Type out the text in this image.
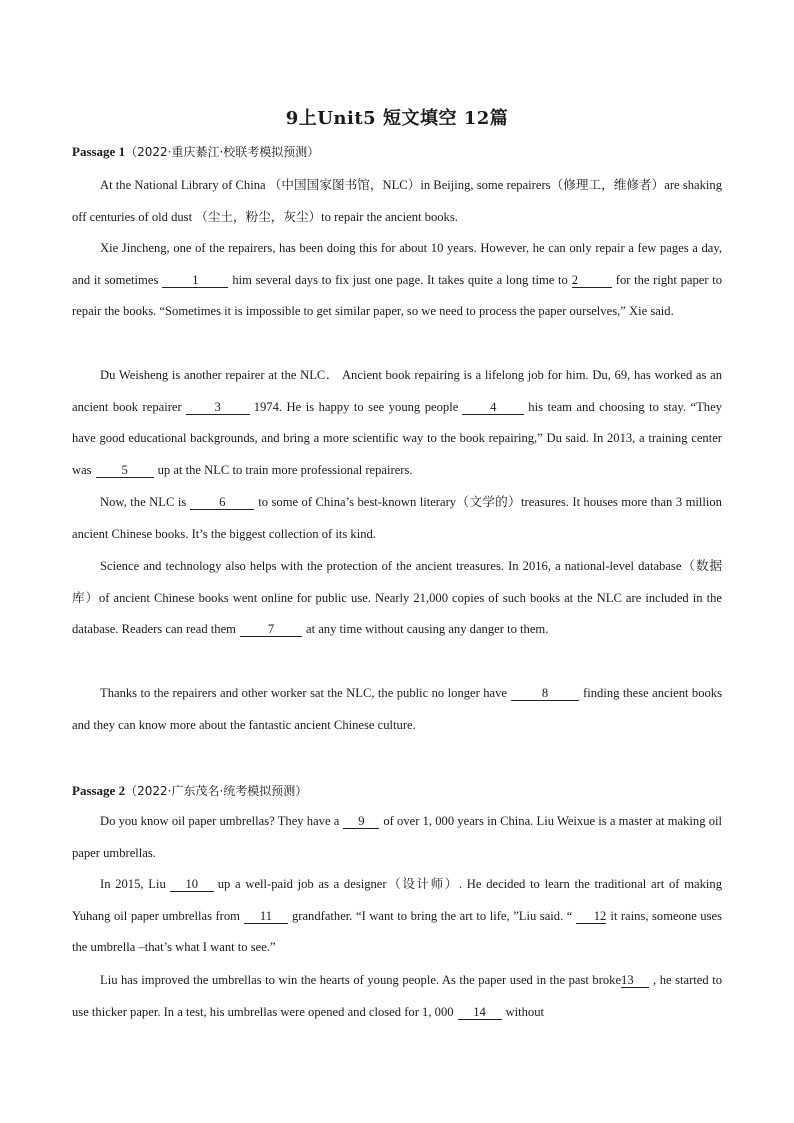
9上Unit5 短文填空 12篇
Passage 1（2022·重庆綦江·校联考模拟预测）
At the National Library of China （中国国家图书馆，NLC）in Beijing, some repairers（修理工，维修者）are shaking off centuries of old dust （尘土，粉尘，灰尘）to repair the ancient books.
Xie Jincheng, one of the repairers, has been doing this for about 10 years. However, he can only repair a few pages a day, and it sometimes	1	him several days to fix just one page. It takes quite a long time to 2	for the right paper to repair the books. “Sometimes it is impossible to get similar paper, so we need to process the paper ourselves,” Xie said.
Du Weisheng is another repairer at the NLC． Ancient book repairing is a lifelong job for him. Du, 69, has worked as an ancient book repairer	3	1974. He is happy to see young people	4	his team and choosing to stay. “They have good educational backgrounds, and bring a more scientific way to the book repairing,” Du said. In 2013, a training center was 5 up at the NLC to train more professional repairers.
Now, the NLC is	6	to some of China’s best-known literary（文学的）treasures. It houses more than 3 million ancient Chinese books. It’s the biggest collection of its kind.
Science and technology also helps with the protection of the ancient treasures. In 2016, a national-level database（数据库）of ancient Chinese books went online for public use. Nearly 21,000 copies of such books at the NLC are included in the database. Readers can read them	7	at any time without causing any danger to them.
Thanks to the repairers and other worker sat the NLC, the public no longer have	8	finding these ancient books and they can know more about the fantastic ancient Chinese culture.
Passage 2（2022·广东茂名·统考模拟预测）
Do you know oil paper umbrellas? They have a 9 of over 1, 000 years in China. Liu Weixue is a master at making oil paper umbrellas.
In 2015, Liu 10 up a well-paid job as a designer（设计师）. He decided to learn the traditional art of making Yuhang oil paper umbrellas from 11 grandfather. “I want to bring the art to life, ”Liu said. “ 12 it rains, someone uses the umbrella –that’s what I want to see.”
Liu has improved the umbrellas to win the hearts of young people. As the paper used in the past broke13 , he started to use thicker paper. In a test, his umbrellas were opened and closed for 1, 000 14 without
